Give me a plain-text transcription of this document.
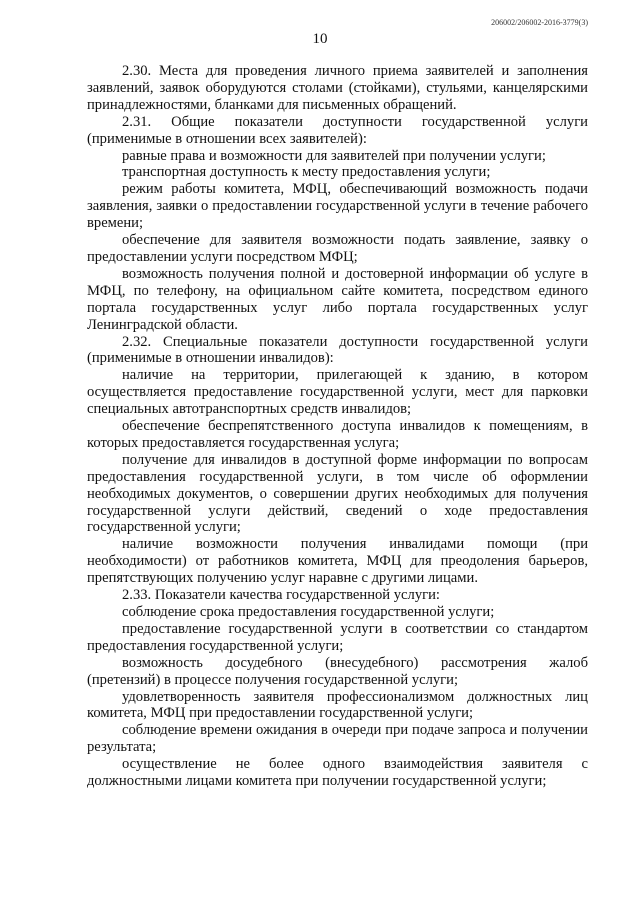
206002/206002-2016-3779(3)
10

2.30. Места для проведения личного приема заявителей и заполнения заявлений, заявок оборудуются столами (стойками), стульями, канцелярскими принадлежностями, бланками для письменных обращений.

2.31. Общие показатели доступности государственной услуги (применимые в отношении всех заявителей):

равные права и возможности для заявителей при получении услуги;

транспортная доступность к месту предоставления услуги;

режим работы комитета, МФЦ, обеспечивающий возможность подачи заявления, заявки о предоставлении государственной услуги в течение рабочего времени;

обеспечение для заявителя возможности подать заявление, заявку о предоставлении услуги посредством МФЦ;

возможность получения полной и достоверной информации об услуге в МФЦ, по телефону, на официальном сайте комитета, посредством единого портала государственных услуг либо портала государственных услуг Ленинградской области.

2.32. Специальные показатели доступности государственной услуги (применимые в отношении инвалидов):

наличие на территории, прилегающей к зданию, в котором осуществляется предоставление государственной услуги, мест для парковки специальных автотранспортных средств инвалидов;

обеспечение беспрепятственного доступа инвалидов к помещениям, в которых предоставляется государственная услуга;

получение для инвалидов в доступной форме информации по вопросам предоставления государственной услуги, в том числе об оформлении необходимых документов, о совершении других необходимых для получения государственной услуги действий, сведений о ходе предоставления государственной услуги;

наличие возможности получения инвалидами помощи (при необходимости) от работников комитета, МФЦ для преодоления барьеров, препятствующих получению услуг наравне с другими лицами.

2.33. Показатели качества государственной услуги:

соблюдение срока предоставления государственной услуги;

предоставление государственной услуги в соответствии со стандартом предоставления государственной услуги;

возможность досудебного (внесудебного) рассмотрения жалоб (претензий) в процессе получения государственной услуги;

удовлетворенность заявителя профессионализмом должностных лиц комитета, МФЦ при предоставлении государственной услуги;

соблюдение времени ожидания в очереди при подаче запроса и получении результата;

осуществление не более одного взаимодействия заявителя с должностными лицами комитета при получении государственной услуги;
